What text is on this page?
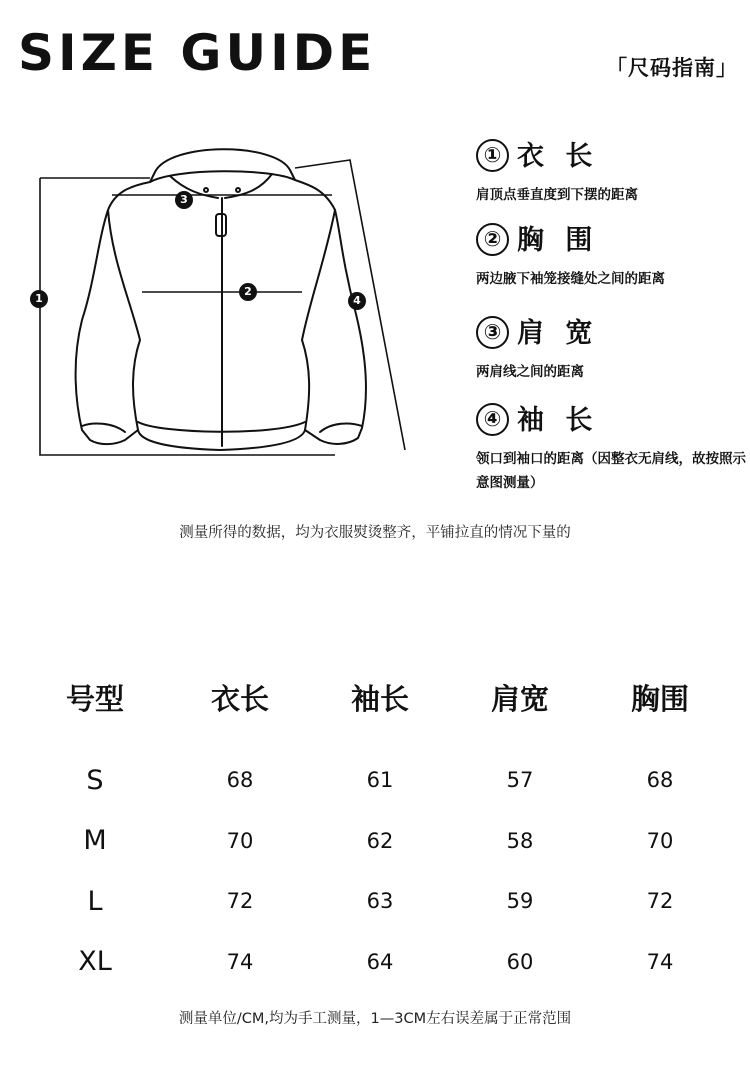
SIZE GUIDE	「尺码指南」
1
2
3
4
① 衣 长
肩顶点垂直度到下摆的距离
② 胸 围
两边腋下袖笼接缝处之间的距离
③ 肩 宽
两肩线之间的距离
④ 袖 长
领口到袖口的距离（因整衣无肩线，故按照示意图测量）
测量所得的数据，均为衣服熨烫整齐，平铺拉直的情况下量的
号型	衣长	袖长	肩宽	胸围

S	68	61	57	68
M	70	62	58	70
L	72	63	59	72
XL	74	64	60	74
测量单位/CM,均为手工测量，1—3CM左右误差属于正常范围
